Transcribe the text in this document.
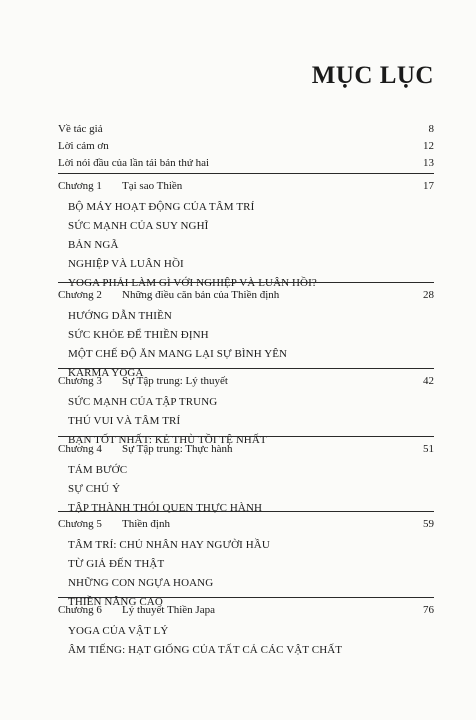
MỤC LỤC
Về tác giả	8
Lời cảm ơn	12
Lời nói đầu của lần tái bản thứ hai	13
Chương 1 Tại sao Thiền	17
BỘ MÁY HOẠT ĐỘNG CỦA TÂM TRÍ
SỨC MẠNH CỦA SUY NGHĨ
BẢN NGÃ
NGHIỆP VÀ LUÂN HỒI
YOGA PHẢI LÀM GÌ VỚI NGHIỆP VÀ LUÂN HỒI?
Chương 2 Những điều căn bản của Thiền định	28
HƯỚNG DẪN THIỀN
SỨC KHỎE ĐỂ THIỀN ĐỊNH
MỘT CHẾ ĐỘ ĂN MANG LẠI SỰ BÌNH YÊN
KARMA YOGA
Chương 3 Sự Tập trung: Lý thuyết	42
SỨC MẠNH CỦA TẬP TRUNG
THÚ VUI VÀ TÂM TRÍ
BẠN TỐT NHẤT: KẺ THÙ TỒI TỆ NHẤT
Chương 4 Sự Tập trung: Thực hành	51
TÁM BƯỚC
SỰ CHÚ Ý
TẬP THÀNH THÓI QUEN THỰC HÀNH
Chương 5 Thiền định	59
TÂM TRÍ: CHỦ NHÂN HAY NGƯỜI HẦU
TỪ GIẢ ĐẾN THẬT
NHỮNG CON NGỰA HOANG
THIỀN NÂNG CAO
Chương 6 Lý thuyết Thiền Japa	76
YOGA CỦA VẬT LÝ
ÂM TIẾNG: HẠT GIỐNG CỦA TẤT CẢ CÁC VẬT CHẤT
